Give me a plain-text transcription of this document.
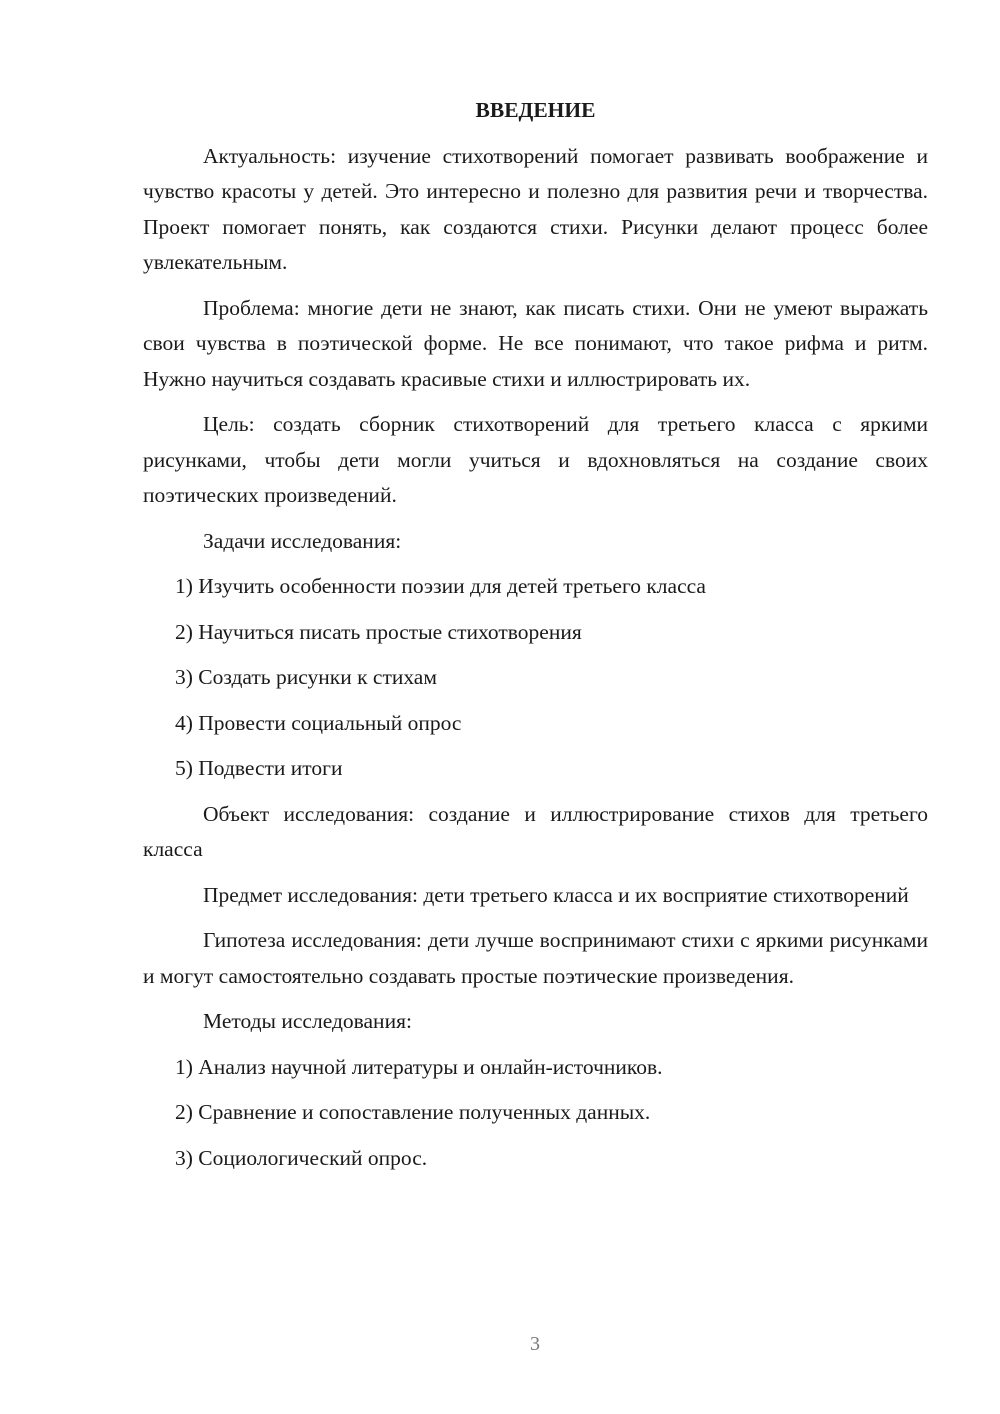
ВВЕДЕНИЕ

Актуальность: изучение стихотворений помогает развивать воображение и чувство красоты у детей. Это интересно и полезно для развития речи и творчества. Проект помогает понять, как создаются стихи. Рисунки делают процесс более увлекательным.

Проблема: многие дети не знают, как писать стихи. Они не умеют выражать свои чувства в поэтической форме. Не все понимают, что такое рифма и ритм. Нужно научиться создавать красивые стихи и иллюстрировать их.

Цель: создать сборник стихотворений для третьего класса с яркими рисунками, чтобы дети могли учиться и вдохновляться на создание своих поэтических произведений.

Задачи исследования:

1) Изучить особенности поэзии для детей третьего класса
2) Научиться писать простые стихотворения
3) Создать рисунки к стихам
4) Провести социальный опрос
5) Подвести итоги

Объект исследования: создание и иллюстрирование стихов для третьего класса

Предмет исследования: дети третьего класса и их восприятие стихотворений

Гипотеза исследования: дети лучше воспринимают стихи с яркими рисунками и могут самостоятельно создавать простые поэтические произведения.

Методы исследования:

1) Анализ научной литературы и онлайн-источников.
2) Сравнение и сопоставление полученных данных.
3) Социологический опрос.
3
